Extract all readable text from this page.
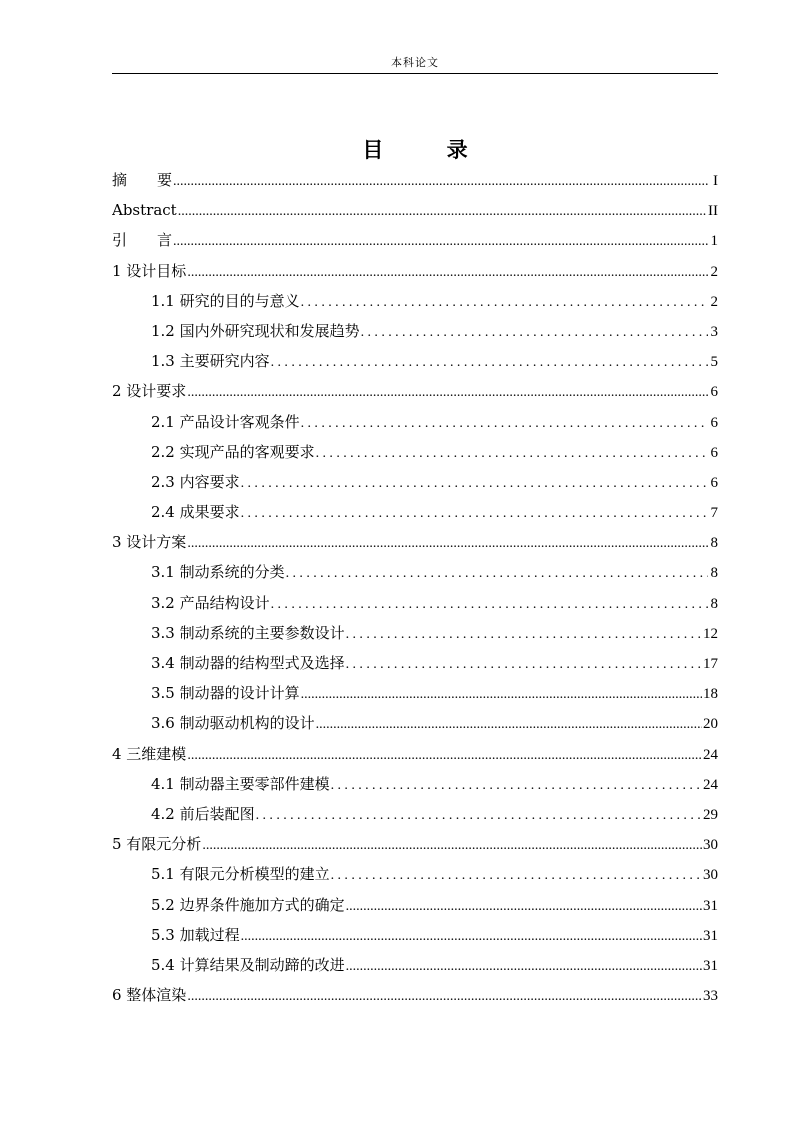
本科论文
目 录
摘　　要 .....	I
Abstract .....	II
引　　言 .....	1
1 设计目标 .....	2
1.1 研究的目的与意义 .....	2
1.2 国内外研究现状和发展趋势 .....	3
1.3 主要研究内容 .....	5
2 设计要求 .....	6
2.1 产品设计客观条件 .....	6
2.2 实现产品的客观要求 .....	6
2.3 内容要求 .....	6
2.4 成果要求 .....	7
3 设计方案 .....	8
3.1 制动系统的分类 .....	8
3.2 产品结构设计 .....	8
3.3 制动系统的主要参数设计 .....	12
3.4 制动器的结构型式及选择 .....	17
3.5 制动器的设计计算 .....	18
3.6 制动驱动机构的设计 .....	20
4 三维建模 .....	24
4.1 制动器主要零部件建模 .....	24
4.2 前后装配图 .....	29
5 有限元分析 .....	30
5.1 有限元分析模型的建立 .....	30
5.2 边界条件施加方式的确定 .....	31
5.3 加载过程 .....	31
5.4 计算结果及制动蹄的改进 .....	31
6 整体渲染 .....	33
